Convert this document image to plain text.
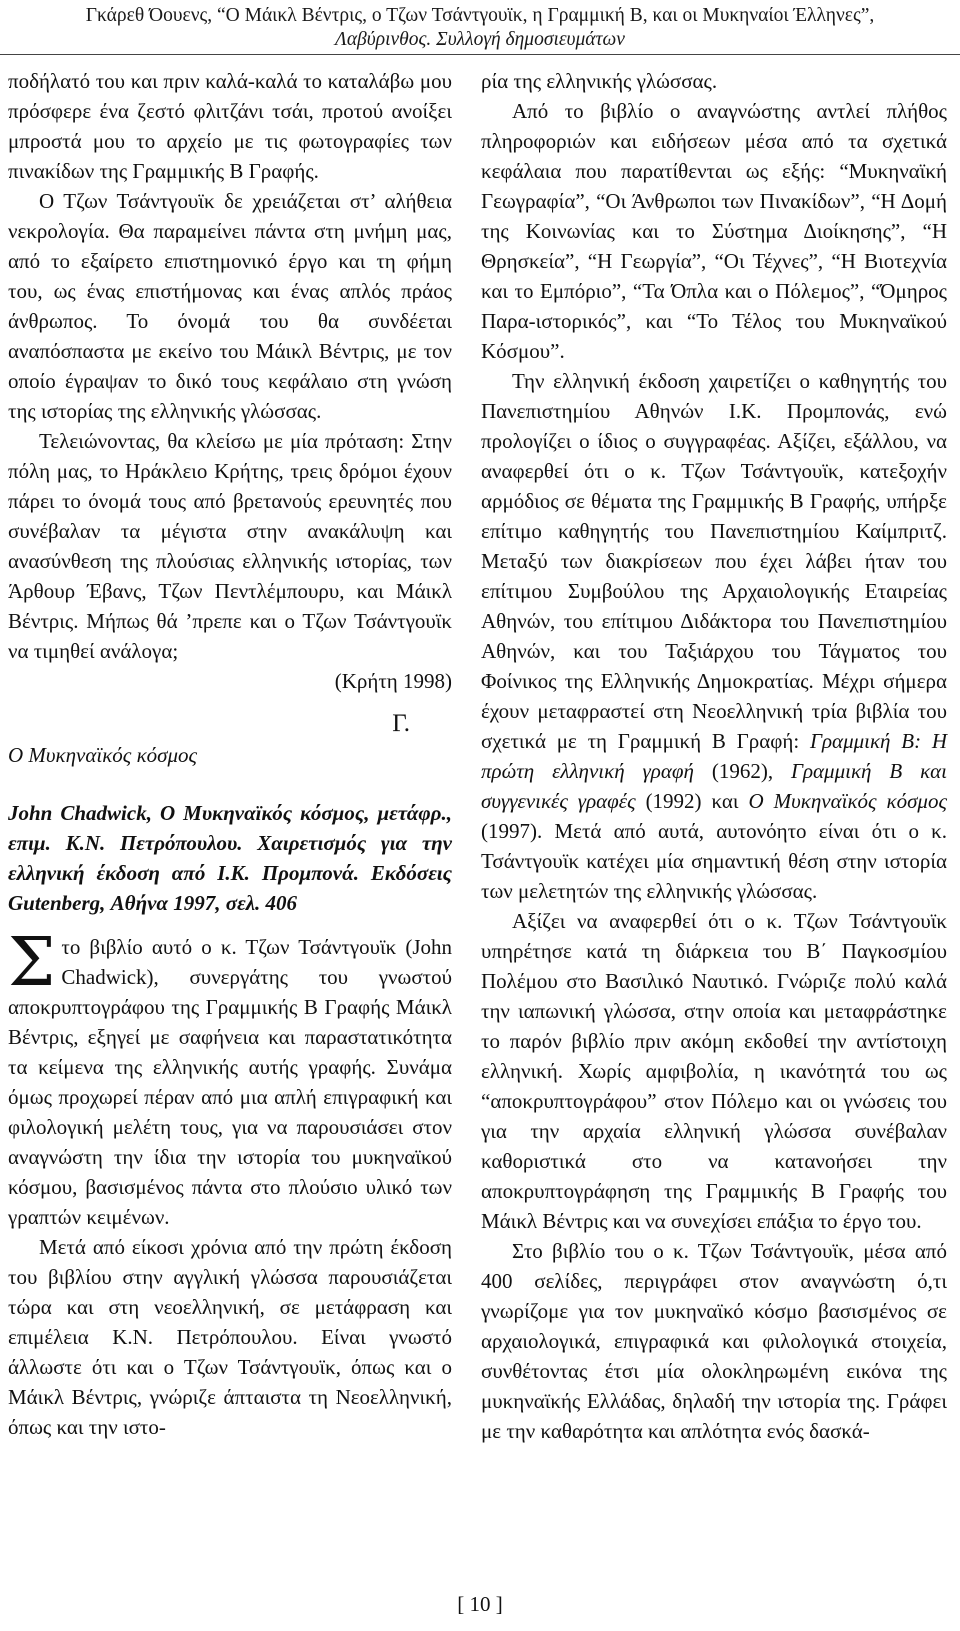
Γκάρεθ Όουενς, “Ο Μάικλ Βέντρις, ο Τζων Τσάντγουϊκ, η Γραμμική Β, και οι Μυκηναίοι Έλληνες”,
Λαβύρινθος. Συλλογή δημοσιευμάτων

ποδήλατό του και πριν καλά-καλά το καταλάβω μου πρόσφερε ένα ζεστό φλιτζάνι τσάι, προτού ανοίξει μπροστά μου το αρχείο με τις φωτογραφίες των πινακίδων της Γραμμικής Β Γραφής.

Ο Τζων Τσάντγουϊκ δε χρειάζεται στ’ αλήθεια νεκρολογία. Θα παραμείνει πάντα στη μνήμη μας, από το εξαίρετο επιστημονικό έργο και τη φήμη του, ως ένας επιστήμονας και ένας απλός πράος άνθρωπος. Το όνομά του θα συνδέεται αναπόσπαστα με εκείνο του Μάικλ Βέντρις, με τον οποίο έγραψαν το δικό τους κεφάλαιο στη γνώση της ιστορίας της ελληνικής γλώσσας.

Τελειώνοντας, θα κλείσω με μία πρόταση: Στην πόλη μας, το Ηράκλειο Κρήτης, τρεις δρόμοι έχουν πάρει το όνομά τους από βρετανούς ερευνητές που συνέβαλαν τα μέγιστα στην ανακάλυψη και ανασύνθεση της πλούσιας ελληνικής ιστορίας, των Άρθουρ Έβανς, Τζων Πεντλέμπουρυ, και Μάικλ Βέντρις. Μήπως θά ’πρεπε και ο Τζων Τσάντγουϊκ να τιμηθεί ανάλογα;

(Κρήτη 1998)

Γ.

Ο Μυκηναϊκός κόσμος

John Chadwick, Ο Μυκηναϊκός κόσμος, μετάφρ., επιμ. Κ.Ν. Πετρόπουλου. Χαιρετισμός για την ελληνική έκδοση από Ι.Κ. Προμπονά. Εκδόσεις Gutenberg, Αθήνα 1997, σελ. 406

Στο βιβλίο αυτό ο κ. Τζων Τσάντγουϊκ (John Chadwick), συνεργάτης του γνωστού αποκρυπτογράφου της Γραμμικής Β Γραφής Μάικλ Βέντρις, εξηγεί με σαφήνεια και παραστατικότητα τα κείμενα της ελληνικής αυτής γραφής. Συνάμα όμως προχωρεί πέραν από μια απλή επιγραφική και φιλολογική μελέτη τους, για να παρουσιάσει στον αναγνώστη την ίδια την ιστορία του μυκηναϊκού κόσμου, βασισμένος πάντα στο πλούσιο υλικό των γραπτών κειμένων.

Μετά από είκοσι χρόνια από την πρώτη έκδοση του βιβλίου στην αγγλική γλώσσα παρουσιάζεται τώρα και στη νεοελληνική, σε μετάφραση και επιμέλεια Κ.Ν. Πετρόπουλου. Είναι γνωστό άλλωστε ότι και ο Τζων Τσάντγουϊκ, όπως και ο Μάικλ Βέντρις, γνώριζε άπταιστα τη Νεοελληνική, όπως και την ιστο-

ρία της ελληνικής γλώσσας.

Από το βιβλίο ο αναγνώστης αντλεί πλήθος πληροφοριών και ειδήσεων μέσα από τα σχετικά κεφάλαια που παρατίθενται ως εξής: “Μυκηναϊκή Γεωγραφία”, “Οι Άνθρωποι των Πινακίδων”, “Η Δομή της Κοινωνίας και το Σύστημα Διοίκησης”, “Η Θρησκεία”, “Η Γεωργία”, “Οι Τέχνες”, “Η Βιοτεχνία και το Εμπόριο”, “Τα Όπλα και ο Πόλεμος”, “Όμηρος Παρα-ιστορικός”, και “Το Τέλος του Μυκηναϊκού Κόσμου”.

Την ελληνική έκδοση χαιρετίζει ο καθηγητής του Πανεπιστημίου Αθηνών Ι.Κ. Προμπονάς, ενώ προλογίζει ο ίδιος ο συγγραφέας. Αξίζει, εξάλλου, να αναφερθεί ότι ο κ. Τζων Τσάντγουϊκ, κατεξοχήν αρμόδιος σε θέματα της Γραμμικής Β Γραφής, υπήρξε επίτιμο καθηγητής του Πανεπιστημίου Καίμπριτζ. Μεταξύ των διακρίσεων που έχει λάβει ήταν του επίτιμου Συμβούλου της Αρχαιολογικής Εταιρείας Αθηνών, του επίτιμου Διδάκτορα του Πανεπιστημίου Αθηνών, και του Ταξιάρχου του Τάγματος του Φοίνικος της Ελληνικής Δημοκρατίας. Μέχρι σήμερα έχουν μεταφραστεί στη Νεοελληνική τρία βιβλία του σχετικά με τη Γραμμική Β Γραφή: Γραμμική Β: Η πρώτη ελληνική γραφή (1962), Γραμμική Β και συγγενικές γραφές (1992) και Ο Μυκηναϊκός κόσμος (1997). Μετά από αυτά, αυτονόητο είναι ότι ο κ. Τσάντγουϊκ κατέχει μία σημαντική θέση στην ιστορία των μελετητών της ελληνικής γλώσσας.

Αξίζει να αναφερθεί ότι ο κ. Τζων Τσάντγουϊκ υπηρέτησε κατά τη διάρκεια του Β΄ Παγκοσμίου Πολέμου στο Βασιλικό Ναυτικό. Γνώριζε πολύ καλά την ιαπωνική γλώσσα, στην οποία και μεταφράστηκε το παρόν βιβλίο πριν ακόμη εκδοθεί την αντίστοιχη ελληνική. Χωρίς αμφιβολία, η ικανότητά του ως “αποκρυπτογράφου” στον Πόλεμο και οι γνώσεις του για την αρχαία ελληνική γλώσσα συνέβαλαν καθοριστικά στο να κατανοήσει την αποκρυπτογράφηση της Γραμμικής Β Γραφής του Μάικλ Βέντρις και να συνεχίσει επάξια το έργο του.

Στο βιβλίο του ο κ. Τζων Τσάντγουϊκ, μέσα από 400 σελίδες, περιγράφει στον αναγνώστη ό,τι γνωρίζομε για τον μυκηναϊκό κόσμο βασισμένος σε αρχαιολογικά, επιγραφικά και φιλολογικά στοιχεία, συνθέτοντας έτσι μία ολοκληρωμένη εικόνα της μυκηναϊκής Ελλάδας, δηλαδή την ιστορία της. Γράφει με την καθαρότητα και απλότητα ενός δασκά-

[ 10 ]
